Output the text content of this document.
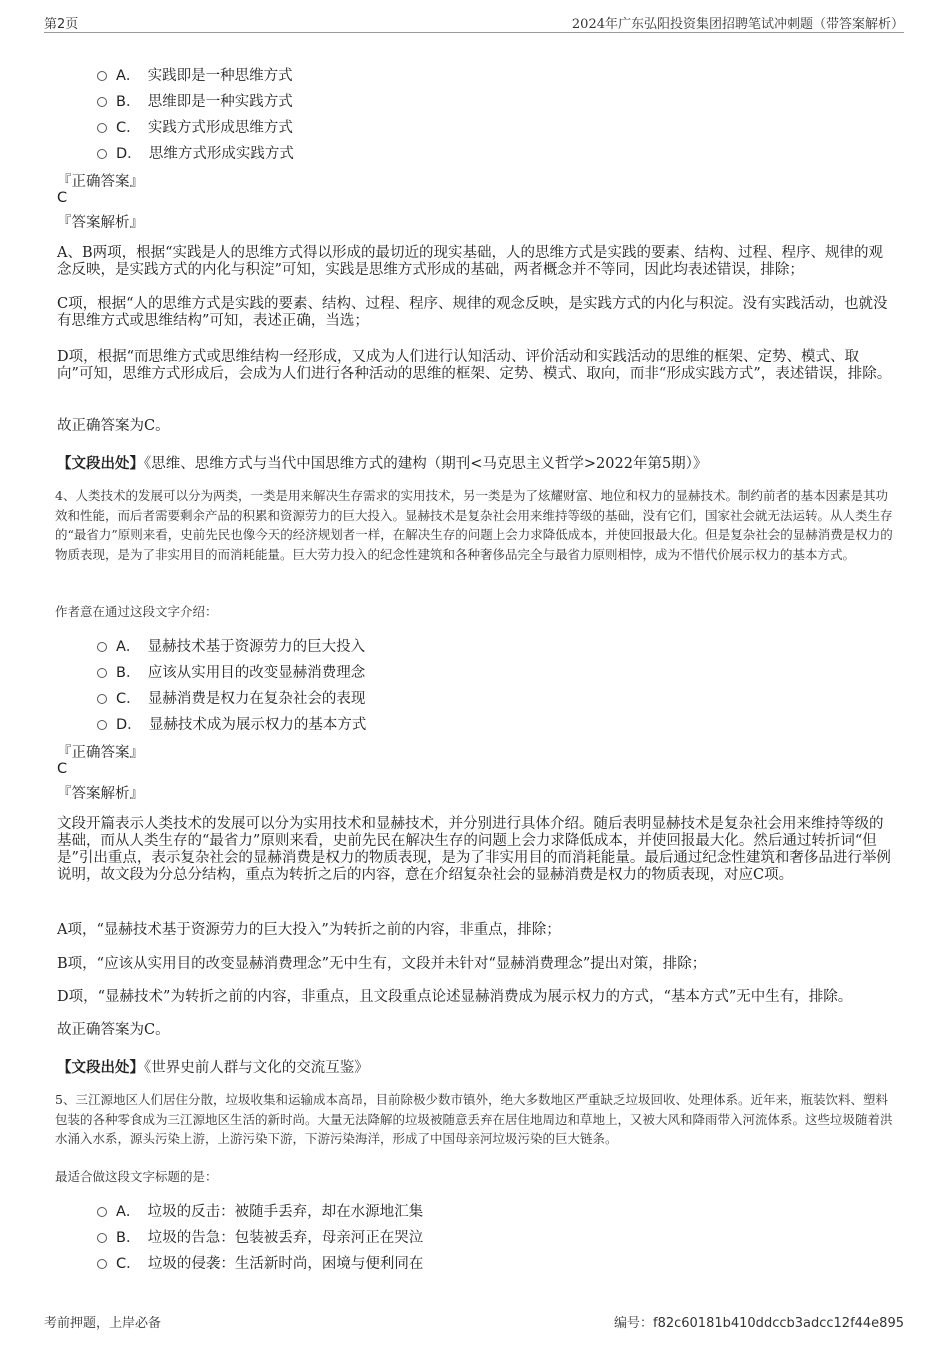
第2页	2024年广东弘阳投资集团招聘笔试冲刺题（带答案解析）
A ．　 实践即是一种思维方式
B ．　 思维即是一种实践方式
C ．　 实践方式形成思维方式
D ．　 思维方式形成实践方式
『正确答案』
C
『答案解析』
A、B两项，根据“实践是人的思维方式得以形成的最切近的现实基础，人的思维方式是实践的要素、结构、过程、程序、规律的观念反映，是实践方式的内化与积淀”可知，实践是思维方式形成的基础，两者概念并不等同，因此均表述错误，排除；
C项，根据“人的思维方式是实践的要素、结构、过程、程序、规律的观念反映，是实践方式的内化与积淀。没有实践活动，也就没有思维方式或思维结构”可知，表述正确，当选；
D项，根据“而思维方式或思维结构一经形成，又成为人们进行认知活动、评价活动和实践活动的思维的框架、定势、模式、取向”可知，思维方式形成后，会成为人们进行各种活动的思维的框架、定势、模式、取向，而非“形成实践方式”，表述错误，排除。
故正确答案为C。
【文段出处】《思维、思维方式与当代中国思维方式的建构（期刊<马克思主义哲学>2022年第5期）》
4、人类技术的发展可以分为两类，一类是用来解决生存需求的实用技术，另一类是为了炫耀财富、地位和权力的显赫技术。制约前者的基本因素是其功效和性能，而后者需要剩余产品的积累和资源劳力的巨大投入。显赫技术是复杂社会用来维持等级的基础，没有它们，国家社会就无法运转。从人类生存的“最省力”原则来看，史前先民也像今天的经济规划者一样，在解决生存的问题上会力求降低成本，并使回报最大化。但是复杂社会的显赫消费是权力的物质表现，是为了非实用目的而消耗能量。巨大劳力投入的纪念性建筑和各种奢侈品完全与最省力原则相悖，成为不惜代价展示权力的基本方式。
作者意在通过这段文字介绍：
A ．　 显赫技术基于资源劳力的巨大投入
B ．　 应该从实用目的改变显赫消费理念
C ．　 显赫消费是权力在复杂社会的表现
D ．　 显赫技术成为展示权力的基本方式
『正确答案』
C
『答案解析』
文段开篇表示人类技术的发展可以分为实用技术和显赫技术，并分别进行具体介绍。随后表明显赫技术是复杂社会用来维持等级的基础，而从人类生存的“最省力”原则来看，史前先民在解决生存的问题上会力求降低成本，并使回报最大化。然后通过转折词“但是”引出重点，表示复杂社会的显赫消费是权力的物质表现，是为了非实用目的而消耗能量。最后通过纪念性建筑和奢侈品进行举例说明，故文段为分总分结构，重点为转折之后的内容，意在介绍复杂社会的显赫消费是权力的物质表现，对应C项。
A项，“显赫技术基于资源劳力的巨大投入”为转折之前的内容，非重点，排除；
B项，“应该从实用目的改变显赫消费理念”无中生有，文段并未针对“显赫消费理念”提出对策，排除；
D项，“显赫技术”为转折之前的内容，非重点，且文段重点论述显赫消费成为展示权力的方式，“基本方式”无中生有，排除。
故正确答案为C。
【文段出处】《世界史前人群与文化的交流互鉴》
5、三江源地区人们居住分散，垃圾收集和运输成本高昂，目前除极少数市镇外，绝大多数地区严重缺乏垃圾回收、处理体系。近年来，瓶装饮料、塑料包装的各种零食成为三江源地区生活的新时尚。大量无法降解的垃圾被随意丢弃在居住地周边和草地上，又被大风和降雨带入河流体系。这些垃圾随着洪水涌入水系，源头污染上游，上游污染下游，下游污染海洋，形成了中国母亲河垃圾污染的巨大链条。
最适合做这段文字标题的是：
A ．　 垃圾的反击：被随手丢弃，却在水源地汇集
B ．　 垃圾的告急：包装被丢弃，母亲河正在哭泣
C ．　 垃圾的侵袭：生活新时尚，困境与便利同在
考前押题，上岸必备	编号：f82c60181b410ddccb3adcc12f44e895
